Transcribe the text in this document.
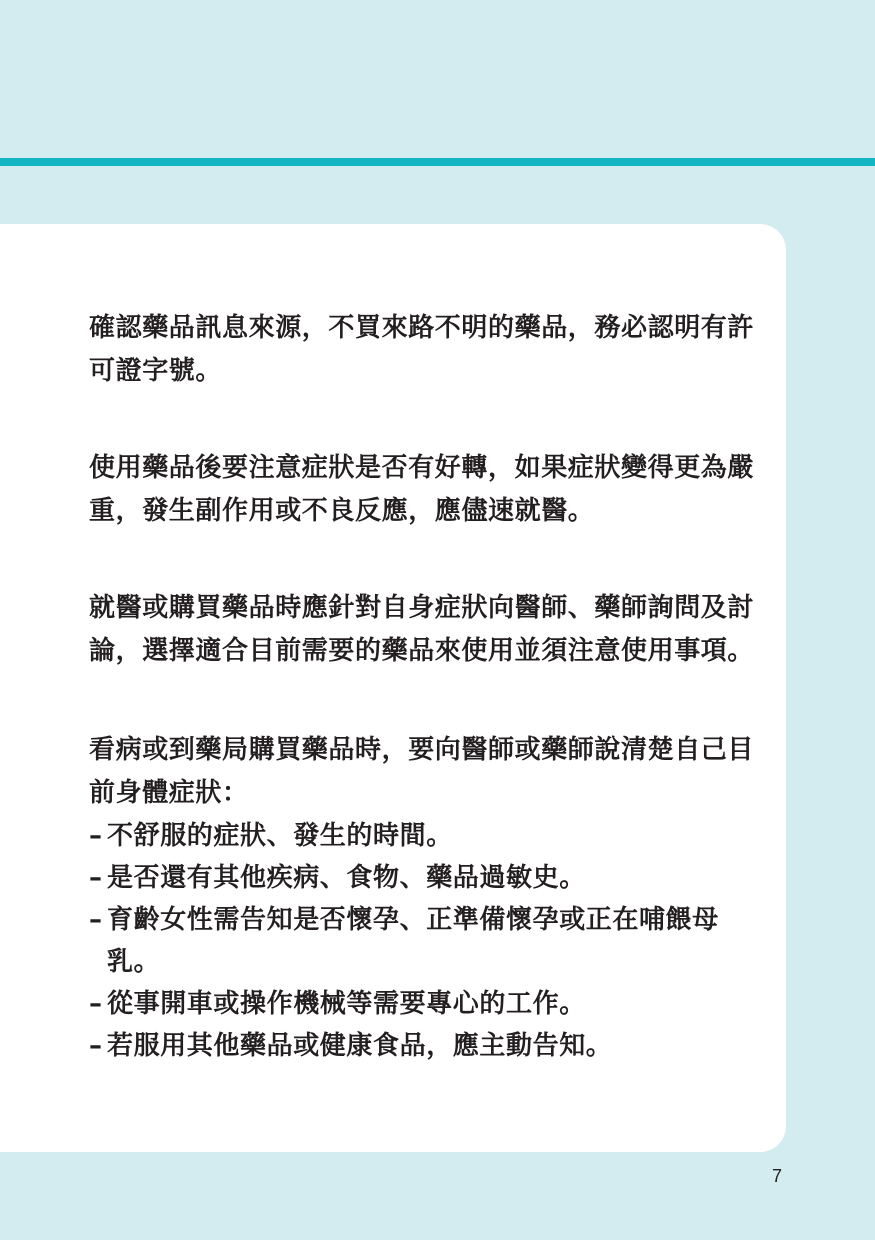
確認藥品訊息來源，不買來路不明的藥品，務必認明有許可證字號。

使用藥品後要注意症狀是否有好轉，如果症狀變得更為嚴重，發生副作用或不良反應，應儘速就醫。

就醫或購買藥品時應針對自身症狀向醫師、藥師詢問及討論，選擇適合目前需要的藥品來使用並須注意使用事項。

看病或到藥局購買藥品時，要向醫師或藥師說清楚自己目前身體症狀：

– 不舒服的症狀、發生的時間。
– 是否還有其他疾病、食物、藥品過敏史。
– 育齡女性需告知是否懷孕、正準備懷孕或正在哺餵母乳。
– 從事開車或操作機械等需要專心的工作。
– 若服用其他藥品或健康食品，應主動告知。
7
